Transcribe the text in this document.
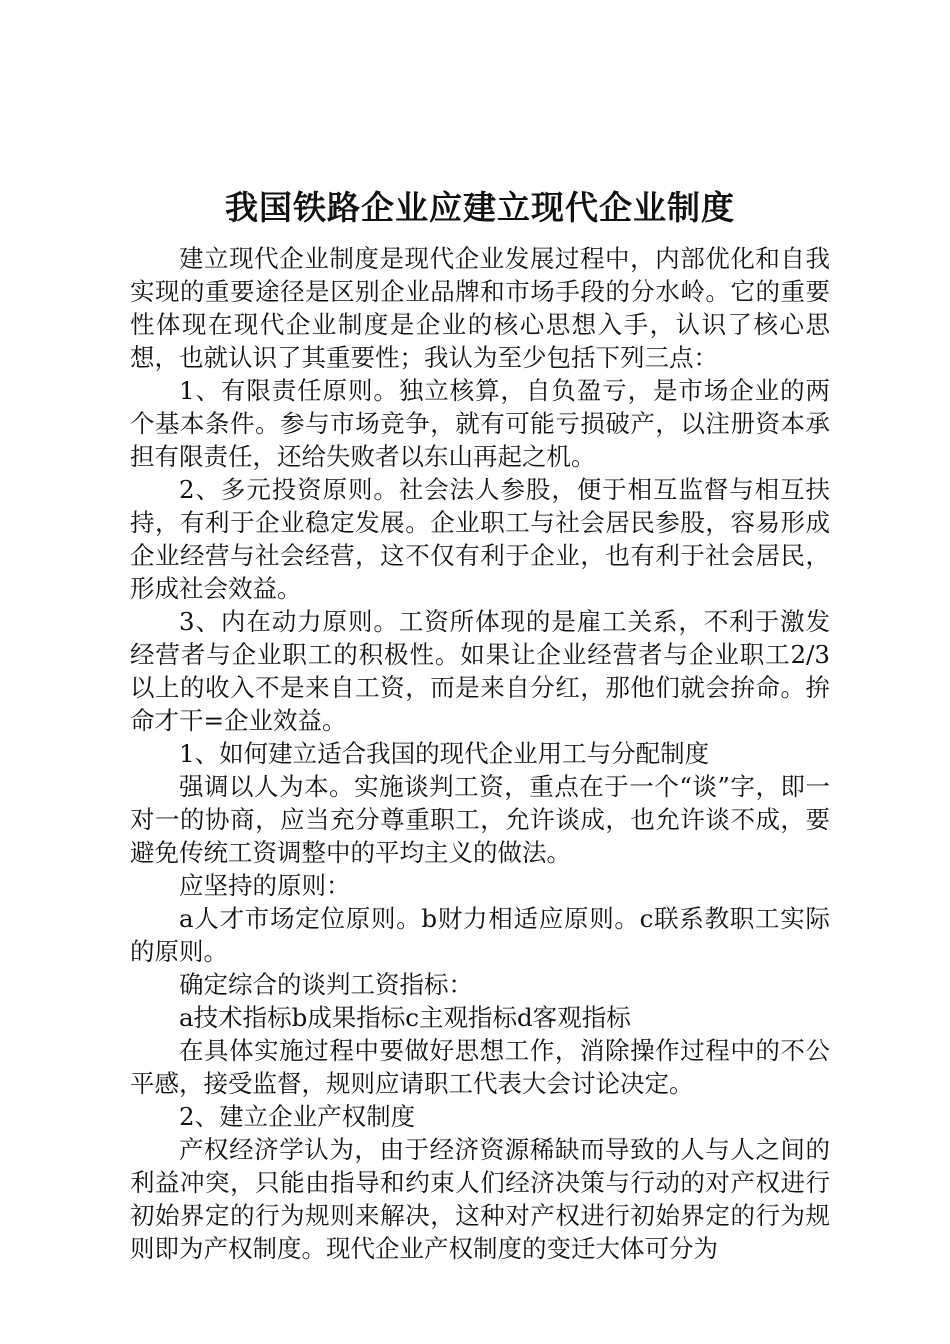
我国铁路企业应建立现代企业制度

建立现代企业制度是现代企业发展过程中，内部优化和自我实现的重要途径是区别企业品牌和市场手段的分水岭。它的重要性体现在现代企业制度是企业的核心思想入手，认识了核心思想，也就认识了其重要性；我认为至少包括下列三点：

1、有限责任原则。独立核算，自负盈亏，是市场企业的两个基本条件。参与市场竞争，就有可能亏损破产，以注册资本承担有限责任，还给失败者以东山再起之机。

2、多元投资原则。社会法人参股，便于相互监督与相互扶持，有利于企业稳定发展。企业职工与社会居民参股，容易形成企业经营与社会经营，这不仅有利于企业，也有利于社会居民，形成社会效益。

3、内在动力原则。工资所体现的是雇工关系，不利于激发经营者与企业职工的积极性。如果让企业经营者与企业职工2/3以上的收入不是来自工资，而是来自分红，那他们就会拚命。拚命才干=企业效益。

1、如何建立适合我国的现代企业用工与分配制度

强调以人为本。实施谈判工资，重点在于一个“谈”字，即一对一的协商，应当充分尊重职工，允许谈成，也允许谈不成，要避免传统工资调整中的平均主义的做法。

应坚持的原则：

a人才市场定位原则。b财力相适应原则。c联系教职工实际的原则。

确定综合的谈判工资指标：

a技术指标b成果指标c主观指标d客观指标

在具体实施过程中要做好思想工作，消除操作过程中的不公平感，接受监督，规则应请职工代表大会讨论决定。

2、建立企业产权制度

产权经济学认为，由于经济资源稀缺而导致的人与人之间的利益冲突，只能由指导和约束人们经济决策与行动的对产权进行初始界定的行为规则来解决，这种对产权进行初始界定的行为规则即为产权制度。现代企业产权制度的变迁大体可分为
